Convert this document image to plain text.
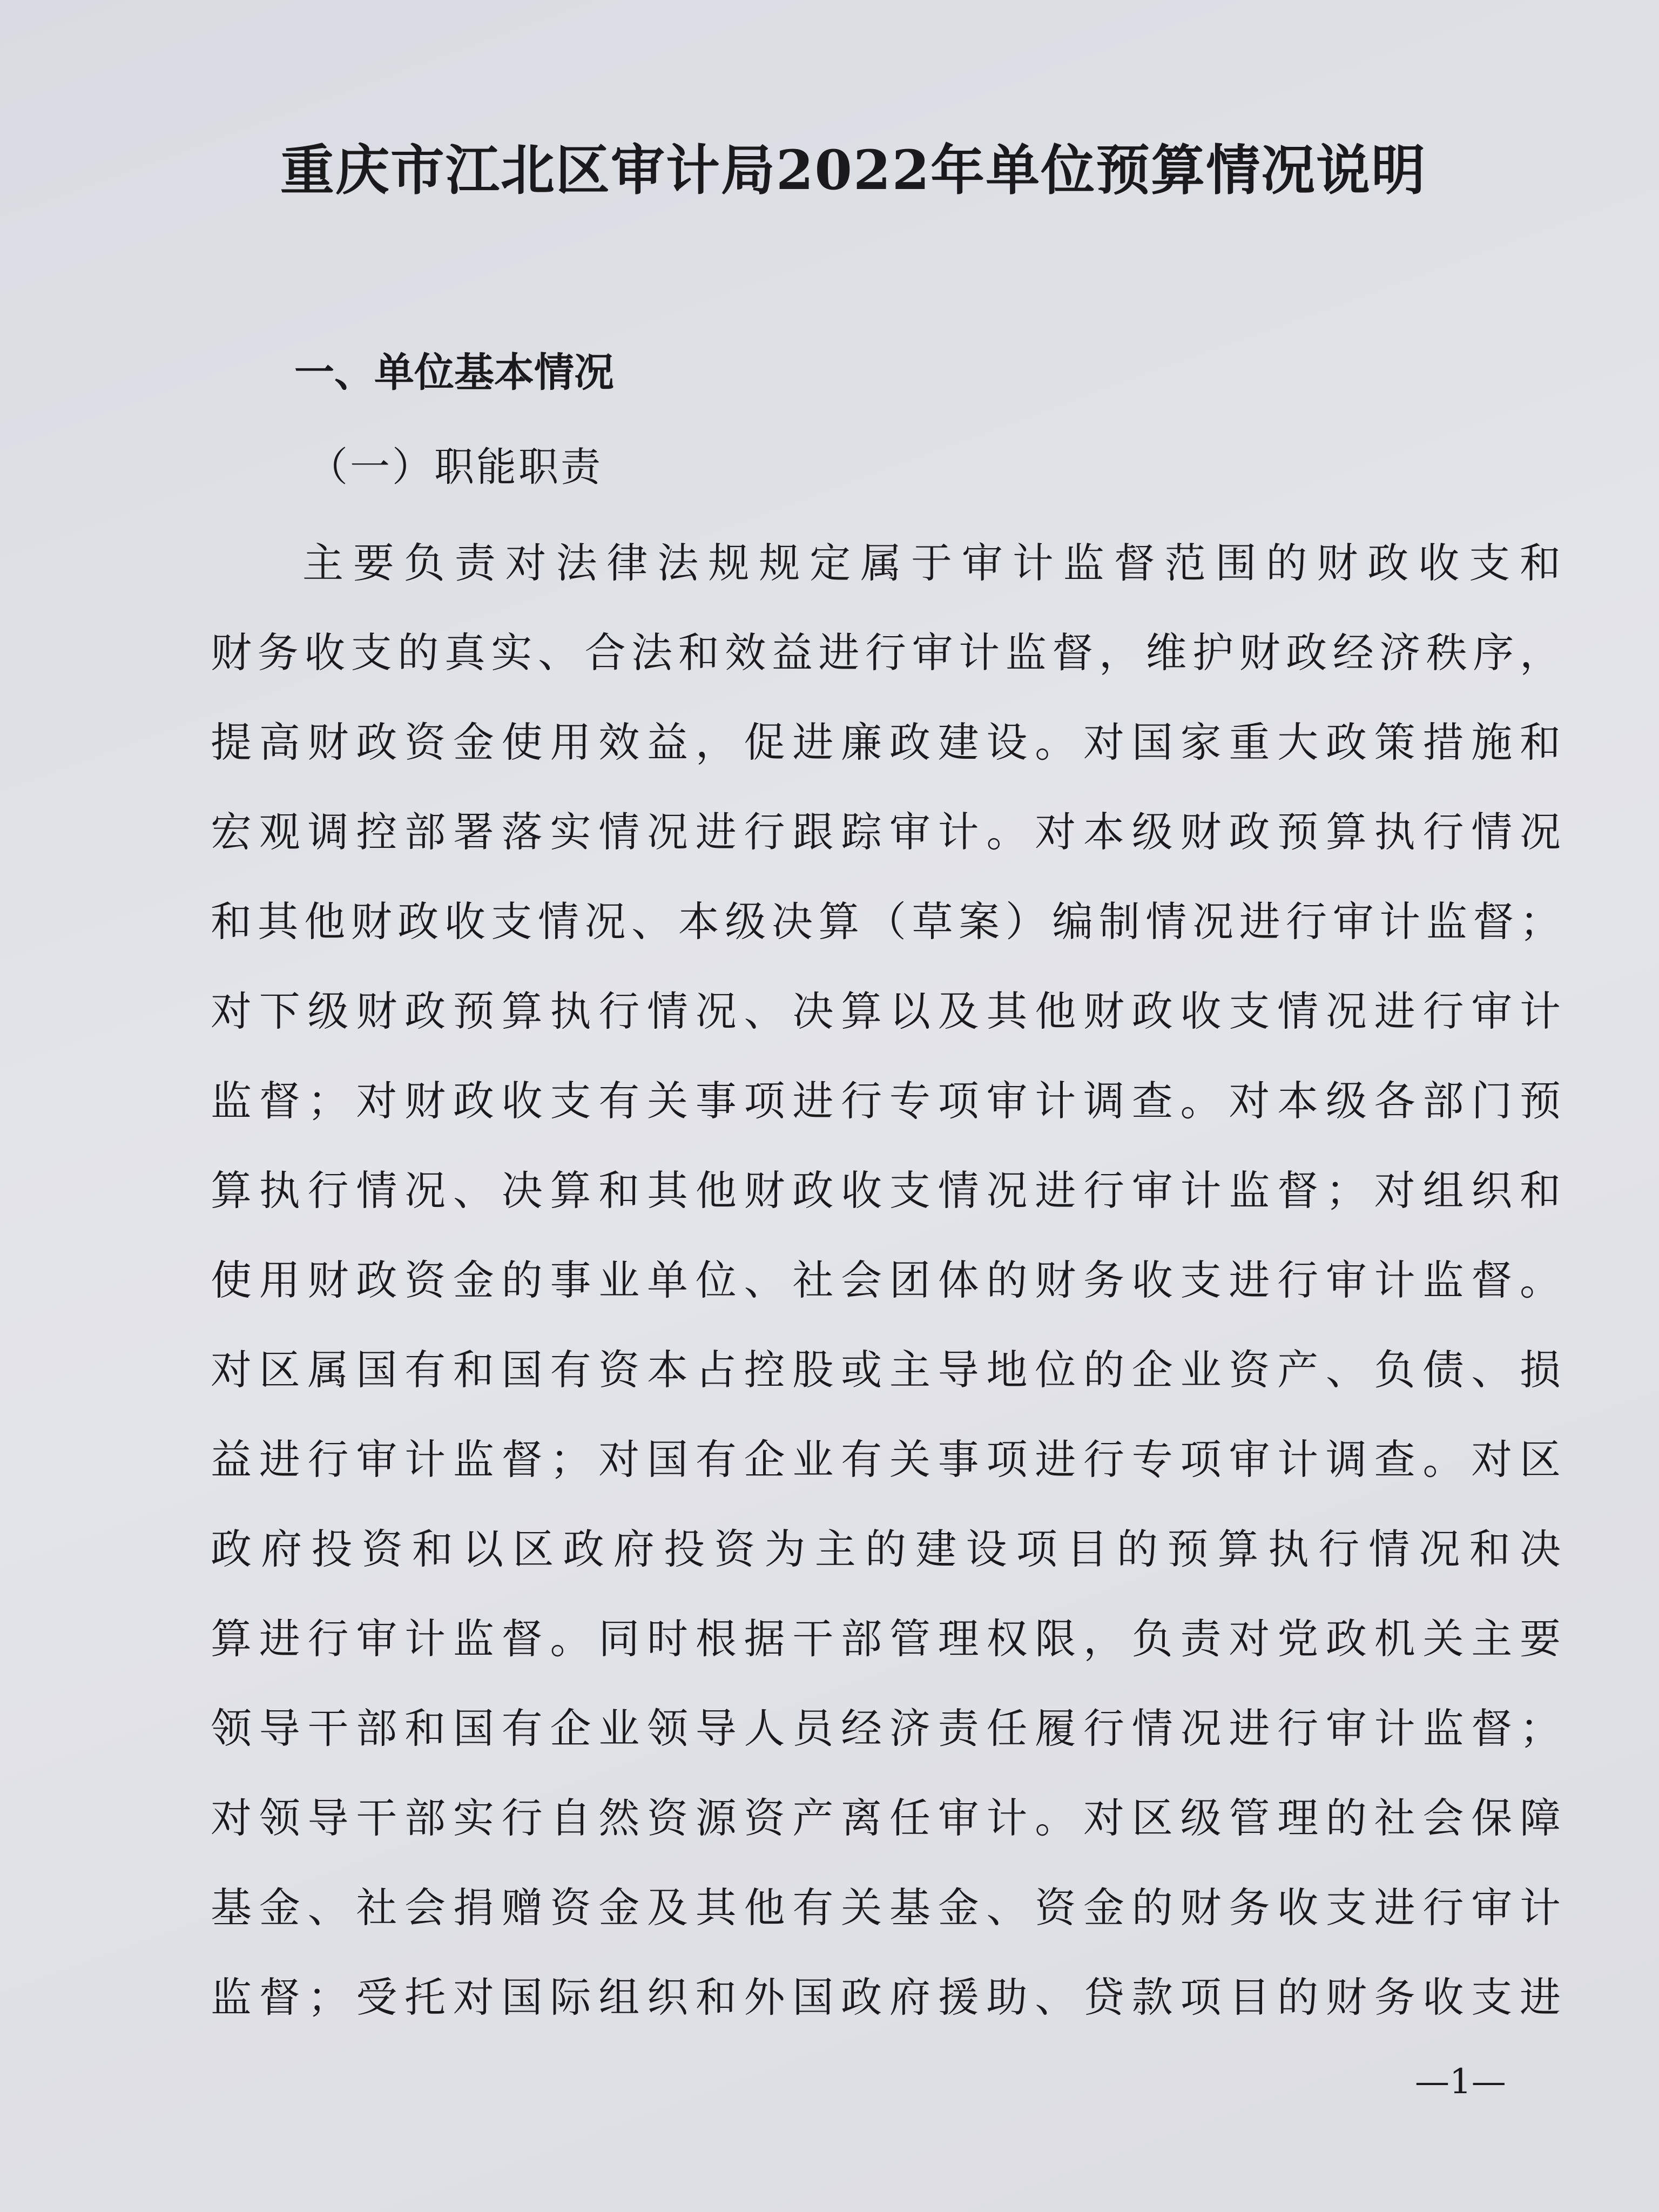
重庆市江北区审计局2022年单位预算情况说明
一、单位基本情况
（一）职能职责
主要负责对法律法规规定属于审计监督范围的财政收支和
财务收支的真实、合法和效益进行审计监督，维护财政经济秩序，
提高财政资金使用效益，促进廉政建设。对国家重大政策措施和
宏观调控部署落实情况进行跟踪审计。对本级财政预算执行情况
和其他财政收支情况、本级决算（草案）编制情况进行审计监督；
对下级财政预算执行情况、决算以及其他财政收支情况进行审计
监督；对财政收支有关事项进行专项审计调查。对本级各部门预
算执行情况、决算和其他财政收支情况进行审计监督；对组织和
使用财政资金的事业单位、社会团体的财务收支进行审计监督。
对区属国有和国有资本占控股或主导地位的企业资产、负债、损
益进行审计监督；对国有企业有关事项进行专项审计调查。对区
政府投资和以区政府投资为主的建设项目的预算执行情况和决
算进行审计监督。同时根据干部管理权限，负责对党政机关主要
领导干部和国有企业领导人员经济责任履行情况进行审计监督；
对领导干部实行自然资源资产离任审计。对区级管理的社会保障
基金、社会捐赠资金及其他有关基金、资金的财务收支进行审计
监督；受托对国际组织和外国政府援助、贷款项目的财务收支进
—1—
